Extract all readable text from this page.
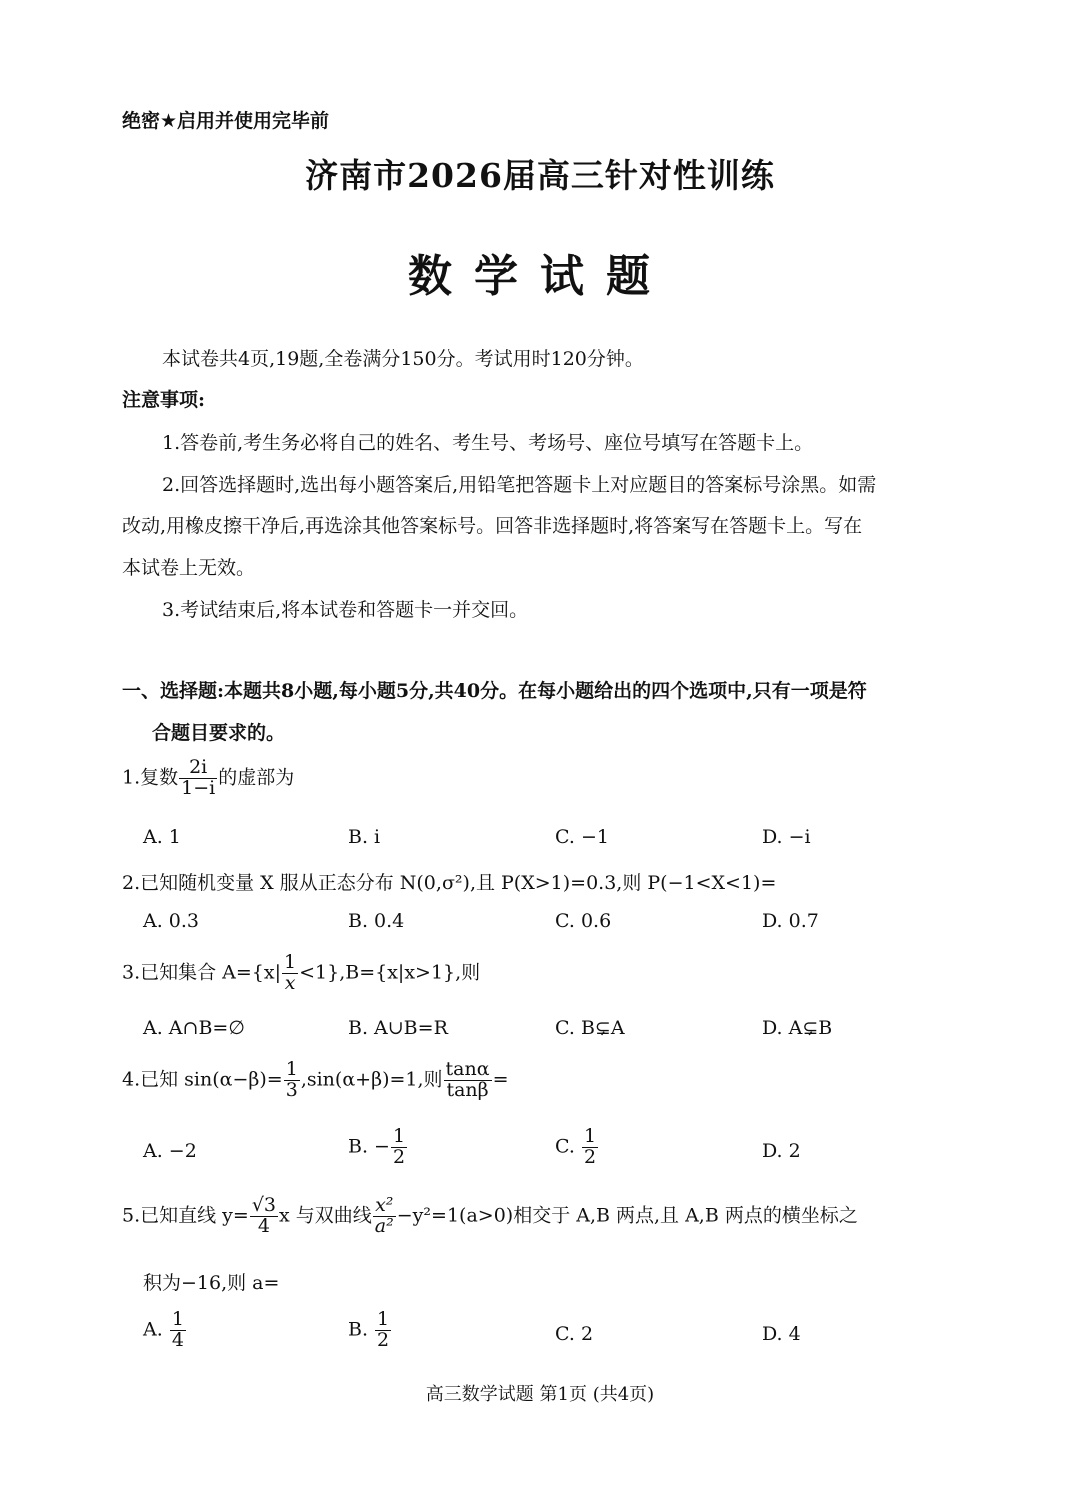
绝密★启用并使用完毕前
济南市2026届高三针对性训练
数学试题
本试卷共4页,19题,全卷满分150分。考试用时120分钟。
注意事项:
1.答卷前,考生务必将自己的姓名、考生号、考场号、座位号填写在答题卡上。
2.回答选择题时,选出每小题答案后,用铅笔把答题卡上对应题目的答案标号涂黑。如需
改动,用橡皮擦干净后,再选涂其他答案标号。回答非选择题时,将答案写在答题卡上。写在
本试卷上无效。
3.考试结束后,将本试卷和答题卡一并交回。
一、选择题:本题共8小题,每小题5分,共40分。在每小题给出的四个选项中,只有一项是符
合题目要求的。
1.复数 $\frac{2i}{1-i}$ 的虚部为
A. 1	B. i	C. −1	D. −i
2.已知随机变量 X 服从正态分布 N(0,σ²),且 P(X>1)=0.3,则 P(−1<X<1)=
A. 0.3	B. 0.4	C. 0.6	D. 0.7
3.已知集合 $A=\{x| \frac{1}{x} <1\},B=\{x|x>1\}$,则
A. A∩B=∅	B. A∪B=R	C. B⊊A	D. A⊊B
4.已知 $\sin(\alpha-\beta)= \frac{1}{3} ,\sin(\alpha+\beta)=1$,则 $\frac{\tan\alpha}{\tan\beta}$ =
A. −2	B. − $\frac{1}{2}$	C. $\frac{1}{2}$	D. 2
5.已知直线 $y= \frac{√3}{4}$ x 与双曲线 $\frac{\text{x²}}{\text{a²}} -y^2=1(a>0)$相交于 A,B 两点,且 A,B 两点的横坐标之
积为−16,则 a=
A. $\frac{1}{4}$	B. $\frac{1}{2}$	C. 2	D. 4
高三数学试题 第1页 (共4页)
